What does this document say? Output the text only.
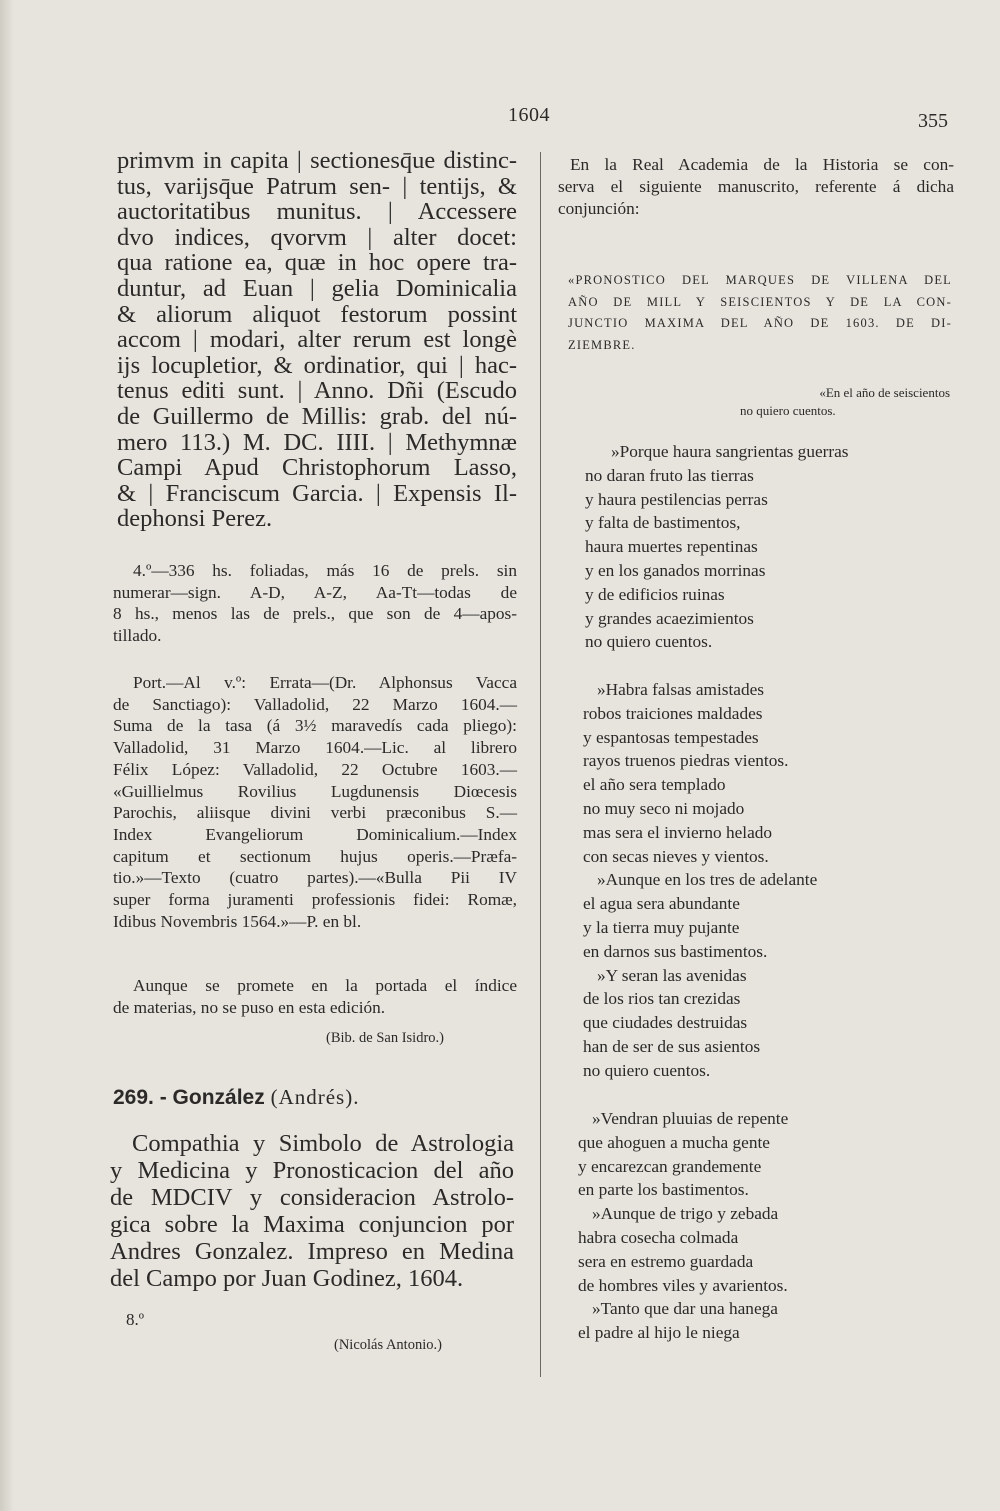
1604	355

primvm in capita | sectionesq̄ue distinc-
tus, varijsq̄ue Patrum sen- | tentijs, &
auctoritatibus munitus. | Accessere
dvo indices, qvorvm | alter docet:
qua ratione ea, quæ in hoc opere tra-
duntur, ad Euan | gelia Dominicalia
& aliorum aliquot festorum possint
accom | modari, alter rerum est longè
ijs locupletior, & ordinatior, qui | hac-
tenus editi sunt. | Anno. Dñi (Escudo
de Guillermo de Millis: grab. del nú-
mero 113.) M. DC. IIII. | Methymnæ
Campi Apud Christophorum Lasso,
& | Franciscum Garcia. | Expensis Il-
dephonsi Perez.

4.º—336 hs. foliadas, más 16 de prels. sin
numerar—sign. A-D, A-Z, Aa-Tt—todas de
8 hs., menos las de prels., que son de 4—apos-
tillado.

Port.—Al v.º: Errata—(Dr. Alphonsus Vacca
de Sanctiago): Valladolid, 22 Marzo 1604.—
Suma de la tasa (á 3½ maravedís cada pliego):
Valladolid, 31 Marzo 1604.—Lic. al librero
Félix López: Valladolid, 22 Octubre 1603.—
«Guillielmus Rovilius Lugdunensis Diœcesis
Parochis, aliisque divini verbi præconibus S.—
Index Evangeliorum Dominicalium.—Index
capitum et sectionum hujus operis.—Præfa-
tio.»—Texto (cuatro partes).—«Bulla Pii IV
super forma juramenti professionis fidei: Romæ,
Idibus Novembris 1564.»—P. en bl.

Aunque se promete en la portada el índice
de materias, no se puso en esta edición.

(Bib. de San Isidro.)
269. - González (Andrés).
Compathia y Simbolo de Astrologia
y Medicina y Pronosticacion del año
de MDCIV y consideracion Astrolo-
gica sobre la Maxima conjuncion por
Andres Gonzalez. Impreso en Medina
del Campo por Juan Godinez, 1604.
8.º
(Nicolás Antonio.)
En la Real Academia de la Historia se con-
serva el siguiente manuscrito, referente á dicha
conjunción:
«PRONOSTICO DEL MARQUES DE VILLENA DEL
AÑO DE MILL Y SEISCIENTOS Y DE LA CON-
JUNCTIO MAXIMA DEL AÑO DE 1603. DE DI-
ZIEMBRE.
«En el año de seiscientos
no quiero cuentos.
»Porque haura sangrientas guerras
no daran fruto las tierras
y haura pestilencias perras
y falta de bastimentos,
haura muertes repentinas
y en los ganados morrinas
y de edificios ruinas
y grandes acaezimientos
no quiero cuentos.
»Habra falsas amistades
robos traiciones maldades
y espantosas tempestades
rayos truenos piedras vientos.
el año sera templado
no muy seco ni mojado
mas sera el invierno helado
con secas nieves y vientos.
»Aunque en los tres de adelante
el agua sera abundante
y la tierra muy pujante
en darnos sus bastimentos.
»Y seran las avenidas
de los rios tan crezidas
que ciudades destruidas
han de ser de sus asientos
no quiero cuentos.
»Vendran pluuias de repente
que ahoguen a mucha gente
y encarezcan grandemente
en parte los bastimentos.
»Aunque de trigo y zebada
habra cosecha colmada
sera en estremo guardada
de hombres viles y avarientos.
»Tanto que dar una hanega
el padre al hijo le niega
